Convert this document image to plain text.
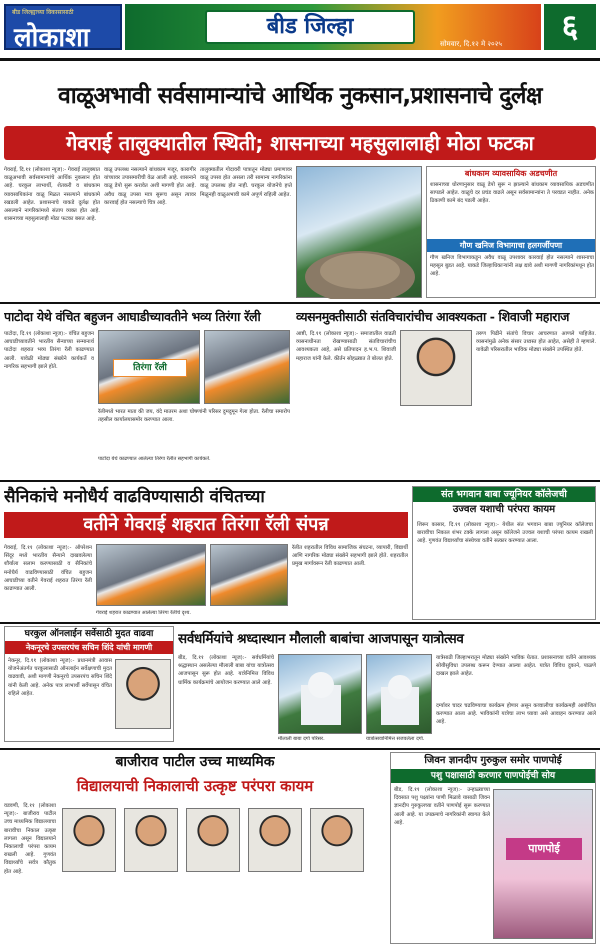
बीड जिल्ह्याच्या विकासासाठी
लोकाशा	बीड जिल्हा
सोमवार, दि.१२ मे २०२५	६
वाळूअभावी सर्वसामान्यांचे आर्थिक नुकसान,प्रशासनाचे दुर्लक्ष
गेवराई तालुक्यातील स्थिती; शासनाच्या महसुलालाही मोठा फटका
गेवराई, दि.११ (लोकाशा न्यूज):- गेवराई तालुक्यात वाळूअभावी सर्वसामान्यांचे आर्थिक नुकसान होत आहे. घरकुल लाभार्थी, शेतकरी व बांधकाम व्यावसायिकांना वाळू मिळत नसल्याने बांधकामे रखडली आहेत. प्रशासनाचे याकडे दुर्लक्ष होत असल्याने नागरिकांमध्ये संताप व्यक्त होत आहे. शासनाच्या महसुलालाही मोठा फटका बसत आहे.
वाळू उपलब्ध नसल्याने बांधकाम मजूर, कारागीर यांच्यावर उपासमारीची वेळ आली आहे. शासनाने वाळू डेपो सुरू करावेत अशी मागणी होत आहे. अवैध वाळू उपसा मात्र सुरूच असून त्यावर कारवाई होत नसल्याचे चित्र आहे.
तालुक्यातील गोदावरी पात्रातून मोठ्या प्रमाणावर वाळू उपसा होत असला तरी सामान्य नागरिकांना वाळू उपलब्ध होत नाही. घरकुल योजनेचे हप्ते मिळूनही वाळूअभावी कामे अपूर्ण राहिली आहेत.
बांधकाम व्यावसायिक अडचणीत
शासनाच्या धोरणानुसार वाळू डेपो सुरू न झाल्याने बांधकाम व्यावसायिक अडचणीत सापडले आहेत. वाळूचे दर प्रचंड वाढले असून सर्वसामान्यांना ते परवडत नाहीत. अनेक ठिकाणी कामे बंद पडली आहेत.
गौण खनिज विभागाचा हलगर्जीपणा
गौण खनिज विभागाकडून अवैध वाळू उपशावर कारवाई होत नसल्याने शासनाचा महसूल बुडत आहे. याकडे जिल्हाधिकाऱ्यांनी लक्ष द्यावे अशी मागणी नागरिकांमधून होत आहे.
पाटोदा येथे वंचित बहुजन आघाडीच्यावतीने भव्य तिरंगा रॅली
पाटोदा, दि.११ (लोकाशा न्यूज):- वंचित बहुजन आघाडीच्यावतीने भारतीय सैन्याच्या सन्मानार्थ पाटोदा शहरात भव्य तिरंगा रॅली काढण्यात आली. यावेळी मोठ्या संख्येने कार्यकर्ते व नागरिक सहभागी झाले होते.	तिरंगा रॅली
रॅलीमध्ये भारत माता की जय, वंदे मातरम अशा घोषणांनी परिसर दुमदुमून गेला होता. रॅलीचा समारोप तहसील कार्यालयासमोर करण्यात आला.
पाटोदा येथे काढण्यात आलेल्या तिरंगा रॅलीत सहभागी कार्यकर्ते.
व्यसनमुक्तीसाठी संतविचारांचीच आवश्यकता - शिवाजी महाराज
आष्टी, दि.११ (लोकाशा न्यूज):- समाजातील वाढती व्यसनाधीनता रोखण्यासाठी संतविचारांचीच आवश्यकता आहे, असे प्रतिपादन ह.भ.प. शिवाजी महाराज यांनी केले. कीर्तन सोहळ्यात ते बोलत होते.
तरुण पिढीने संतांचे विचार आचरणात आणले पाहिजेत. व्यसनांमुळे अनेक संसार उध्वस्त होत आहेत, असेही ते म्हणाले. यावेळी परिसरातील भाविक मोठ्या संख्येने उपस्थित होते.
सैनिकांचे मनोधैर्य वाढविण्यासाठी वंचितच्या
वतीने गेवराई शहरात तिरंगा रॅली संपन्न
गेवराई, दि.११ (लोकाशा न्यूज):- ऑपरेशन सिंदूर मध्ये भारतीय सैन्याने दाखवलेल्या शौर्याला सलाम करण्यासाठी व सैनिकांचे मनोधैर्य वाढविण्यासाठी वंचित बहुजन आघाडीच्या वतीने गेवराई शहरात तिरंगा रॅली काढण्यात आली.
रॅलीत शहरातील विविध सामाजिक संघटना, व्यापारी, विद्यार्थी आणि नागरिक मोठ्या संख्येने सहभागी झाले होते. शहरातील प्रमुख मार्गावरून रॅली काढण्यात आली.
गेवराई शहरात काढण्यात आलेल्या तिरंगा रॅलीचे दृश्य.
संत भगवान बाबा ज्यूनियर कॉलेजची
उज्वल यशाची परंपरा कायम
शिरूर कासार, दि.११ (लोकाशा न्यूज):- येथील संत भगवान बाबा ज्यूनियर कॉलेजचा बारावीचा निकाल शंभर टक्के लागला असून कॉलेजने उज्वल यशाची परंपरा कायम राखली आहे. गुणवंत विद्यार्थ्यांचा संस्थेच्या वतीने सत्कार करण्यात आला.
घरकुल ऑनलाईन सर्वेसाठी मुदत वाढवा
नेकनूरचे उपसरपंच सचिन शिंदे यांची मागणी
नेकनूर, दि.११ (लोकाशा न्यूज):- प्रधानमंत्री आवास योजनेअंतर्गत घरकुलासाठी ऑनलाईन सर्वेक्षणाची मुदत वाढवावी, अशी मागणी नेकनूरचे उपसरपंच सचिन शिंदे यांनी केली आहे. अनेक पात्र लाभार्थी सर्वेपासून वंचित राहिले आहेत.
सर्वधर्मियांचे श्रध्दास्थान मौलाली बाबांचा आजपासून यात्रोत्सव
बीड, दि.११ (लोकाशा न्यूज):- सर्वधर्मियांचे श्रद्धास्थान असलेल्या मौलाली बाबा यांचा यात्रोत्सव आजपासून सुरू होत आहे. यात्रेनिमित्त विविध धार्मिक कार्यक्रमांचे आयोजन करण्यात आले आहे.
यात्रेसाठी जिल्हाभरातून मोठ्या संख्येने भाविक येतात. प्रशासनाच्या वतीने आवश्यक सोयीसुविधा उपलब्ध करून देण्यात आल्या आहेत. यात्रेत विविध दुकाने, पाळणे दाखल झाले आहेत.
दर्ग्यावर चादर चढविण्याचा कार्यक्रम होणार असून कव्वालीचा कार्यक्रमही आयोजित करण्यात आला आहे. भाविकांनी यात्रेचा लाभ घ्यावा असे आवाहन करण्यात आले आहे.
मौलाली बाबा दर्गा परिसर.	यात्रोत्सवानिमित्त सजवलेला दर्गा.
बाजीराव पाटील उच्च माध्यमिक
विद्यालयाची निकालाची उत्कृष्ट परंपरा कायम
वडवणी, दि.११ (लोकाशा न्यूज):- बाजीराव पाटील उच्च माध्यमिक विद्यालयाचा बारावीचा निकाल उत्कृष्ट लागला असून विद्यालयाने निकालाची परंपरा कायम राखली आहे. गुणवंत विद्यार्थ्यांचे सर्वत्र कौतुक होत आहे.
जिवन ज्ञानदीप गुरुकुल समोर पाणपोई
पशु पक्षासाठी करणार पाणपोईची सोय
बीड, दि.११ (लोकाशा न्यूज):- उन्हाळ्याच्या दिवसात पशु पक्ष्यांना पाणी मिळावे यासाठी जिवन ज्ञानदीप गुरुकुलच्या वतीने पाणपोई सुरू करण्यात आली आहे. या उपक्रमाचे नागरिकांनी स्वागत केले आहे.
पाणपोई
